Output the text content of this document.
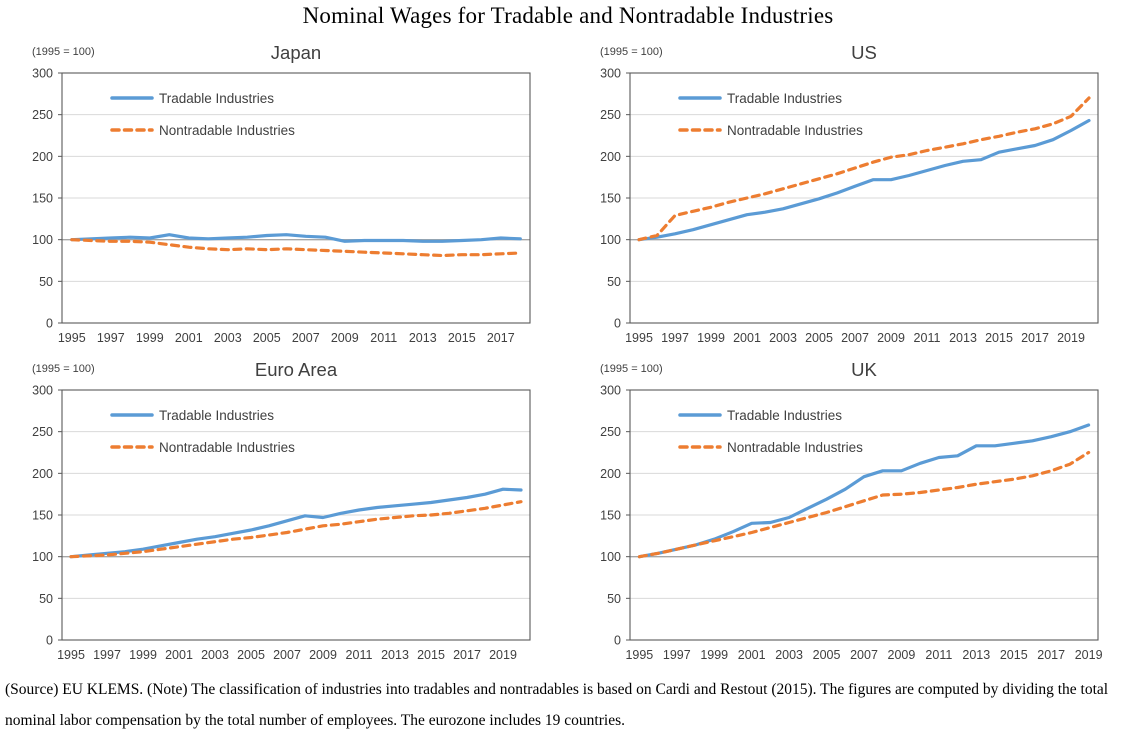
Nominal Wages for Tradable and Nontradable Industries
(1995 = 100)	Japan
0
50
100
150
200
250
300
1995 1997 1999 2001 2003 2005 2007 2009 2011 2013 2015 2017
Tradable Industries
Nontradable Industries
(1995 = 100)	US
0
50
100
150
200
250
300
1995 1997 1999 2001 2003 2005 2007 2009 2011 2013 2015 2017 2019
Tradable Industries
Nontradable Industries
(1995 = 100)	Euro Area
0
50
100
150
200
250
300
1995 1997 1999 2001 2003 2005 2007 2009 2011 2013 2015 2017 2019
Tradable Industries
Nontradable Industries
(1995 = 100)	UK
0
50
100
150
200
250
300
1995 1997 1999 2001 2003 2005 2007 2009 2011 2013 2015 2017 2019
Tradable Industries
Nontradable Industries
(Source) EU KLEMS. (Note) The classification of industries into tradables and nontradables is based on Cardi and Restout (2015). The figures are computed by dividing the total
nominal labor compensation by the total number of employees. The eurozone includes 19 countries.
